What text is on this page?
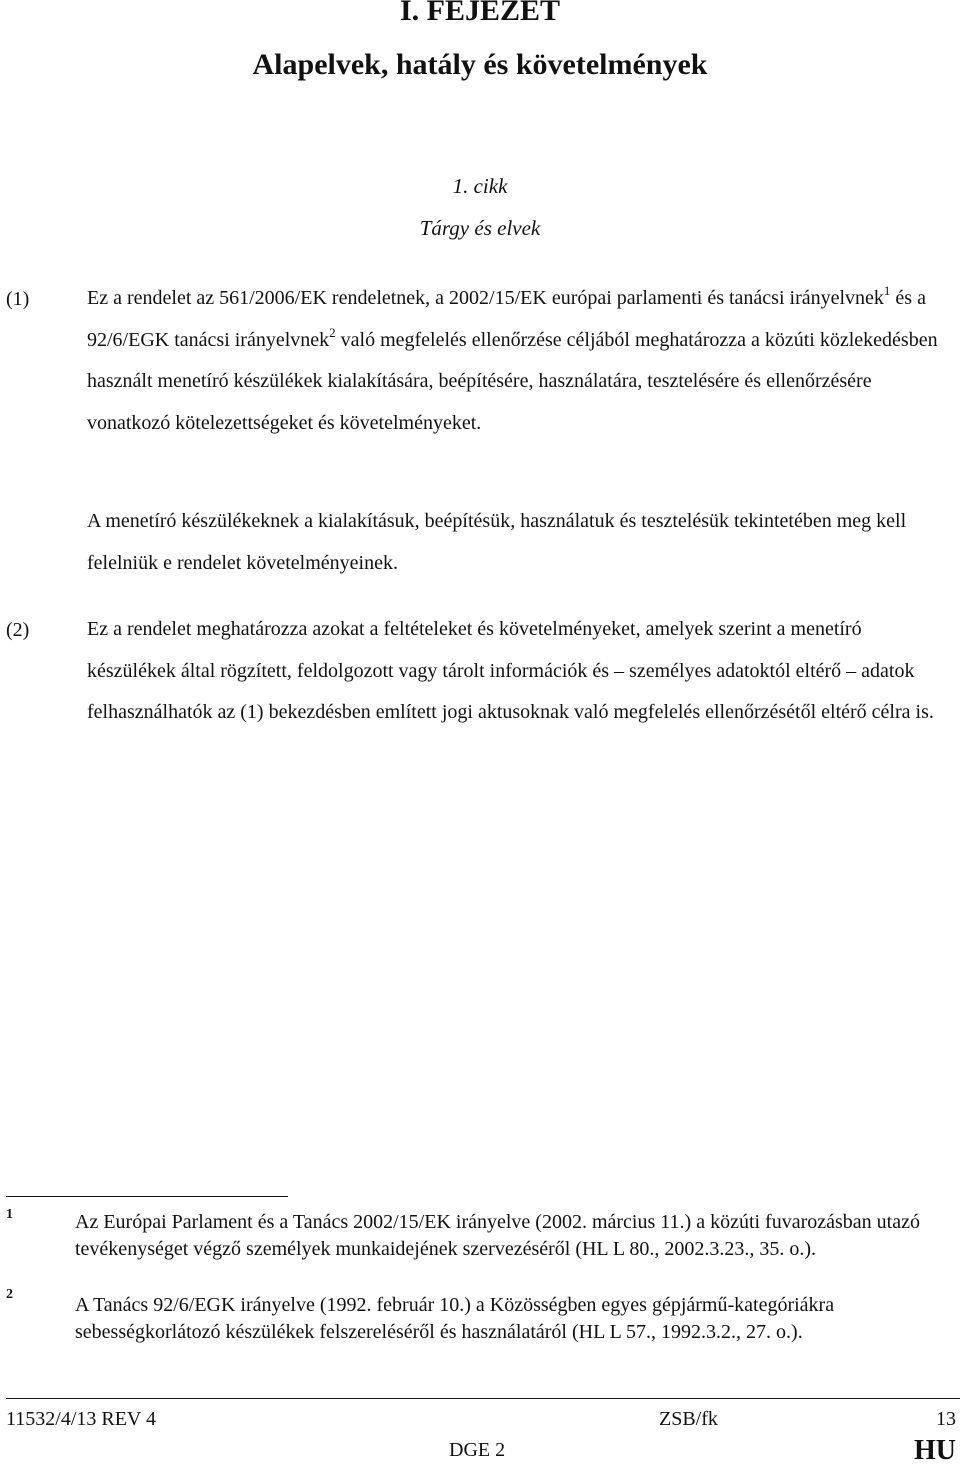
I. FEJEZET
Alapelvek, hatály és követelmények
1. cikk
Tárgy és elvek
(1)	Ez a rendelet az 561/2006/EK rendeletnek, a 2002/15/EK európai parlamenti és tanácsi irányelvnek$^1$ és a 92/6/EGK tanácsi irányelvnek$^2$ való megfelelés ellenőrzése céljából meghatározza a közúti közlekedésben használt menetíró készülékek kialakítására, beépítésére, használatára, tesztelésére és ellenőrzésére vonatkozó kötelezettségeket és követelményeket.
A menetíró készülékeknek a kialakításuk, beépítésük, használatuk és tesztelésük tekintetében meg kell felelniük e rendelet követelményeinek.
(2)	Ez a rendelet meghatározza azokat a feltételeket és követelményeket, amelyek szerint a menetíró készülékek által rögzített, feldolgozott vagy tárolt információk és – személyes adatoktól eltérő – adatok felhasználhatók az (1) bekezdésben említett jogi aktusoknak való megfelelés ellenőrzésétől eltérő célra is.
1	Az Európai Parlament és a Tanács 2002/15/EK irányelve (2002. március 11.) a közúti fuvarozásban utazó tevékenységet végző személyek munkaidejének szervezéséről (HL L 80., 2002.3.23., 35. o.).
2	A Tanács 92/6/EGK irányelve (1992. február 10.) a Közösségben egyes gépjármű-kategóriákra sebességkorlátozó készülékek felszereléséről és használatáról (HL L 57., 1992.3.2., 27. o.).
11532/4/13 REV 4	ZSB/fk	13
DGE 2	HU
